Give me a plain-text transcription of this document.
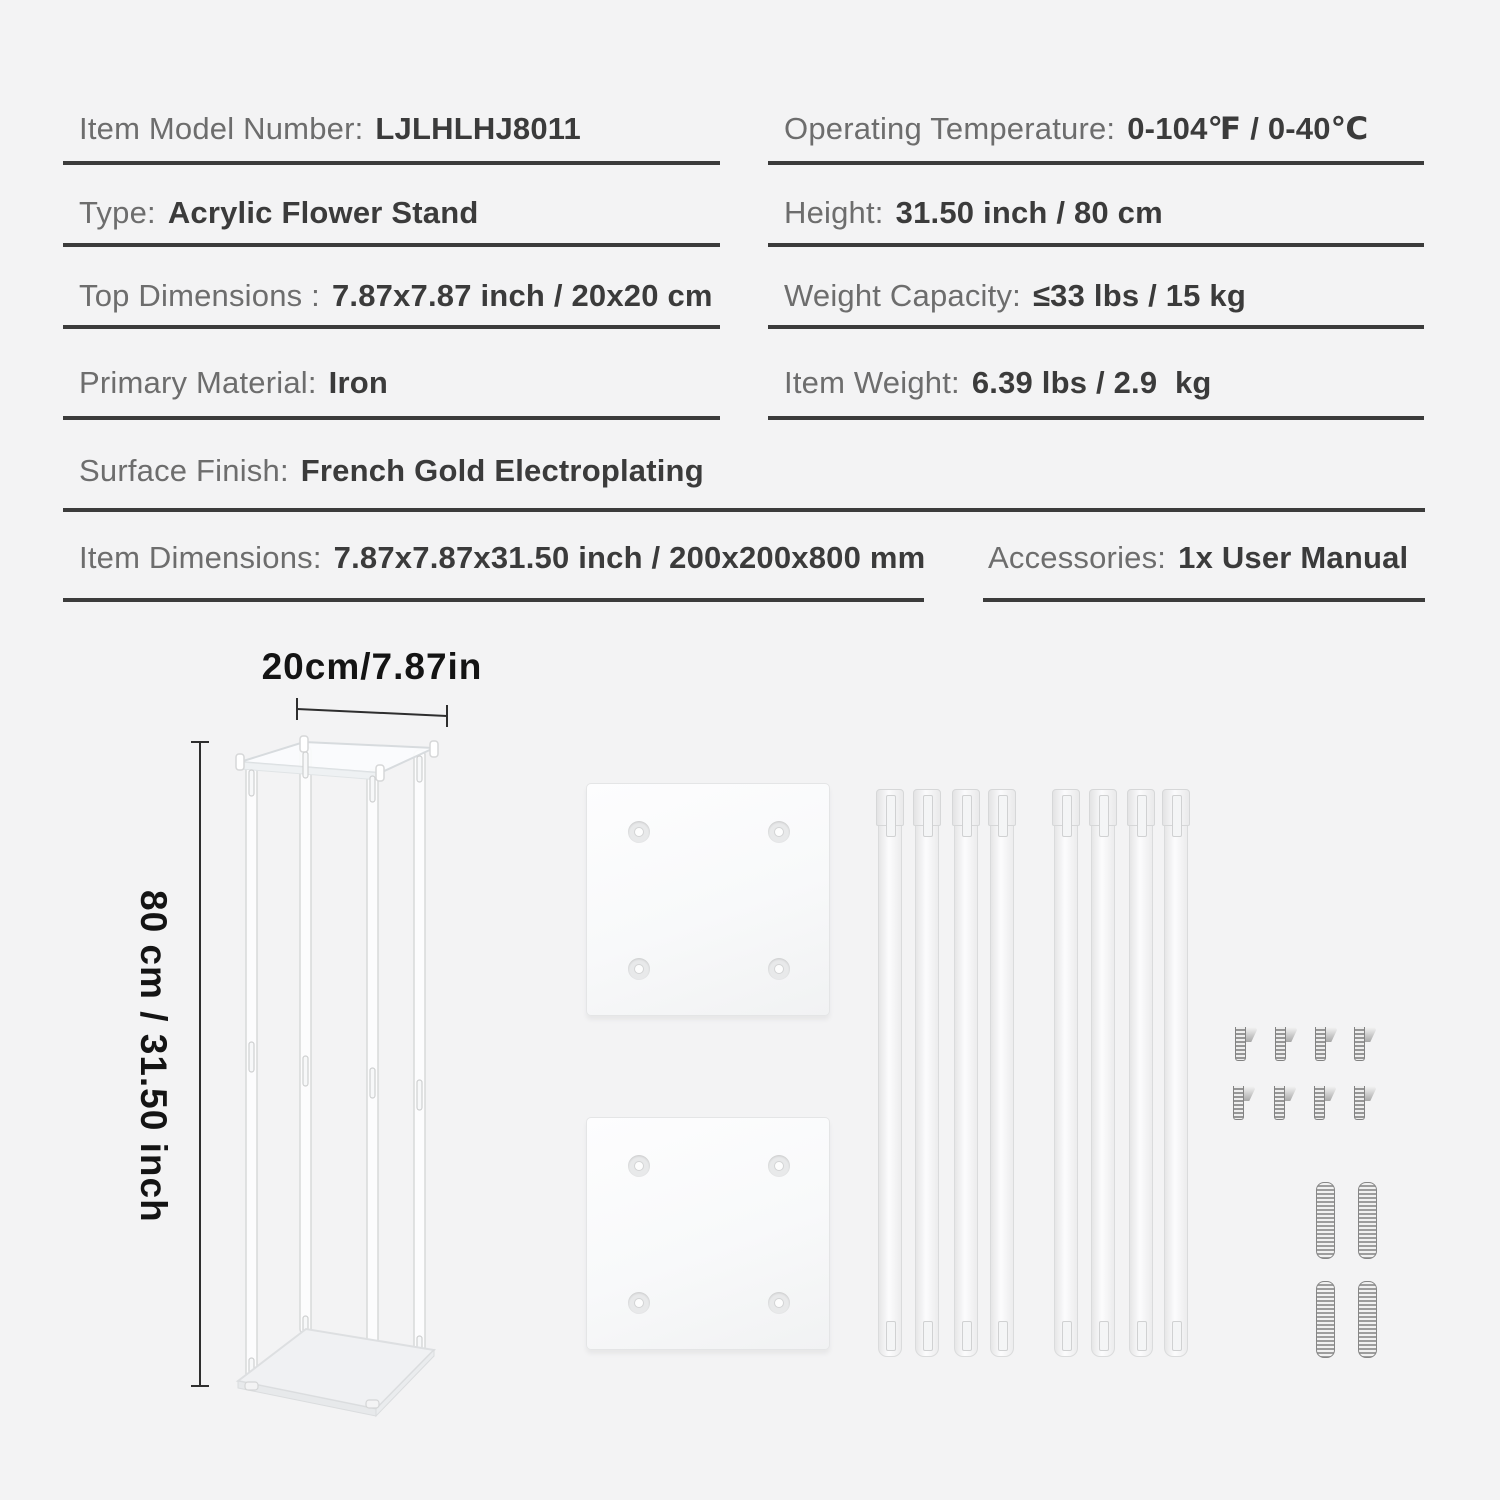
Item Model Number: LJLHLHJ8011	Operating Temperature: 0-104℉ / 0-40℃
Type: Acrylic Flower Stand	Height: 31.50 inch / 80 cm
Top Dimensions : 7.87x7.87 inch / 20x20 cm	Weight Capacity: ≤33 lbs / 15 kg
Primary Material: Iron	Item Weight: 6.39 lbs / 2.9  kg
Surface Finish: French Gold Electroplating
Item Dimensions: 7.87x7.87x31.50 inch / 200x200x800 mm Accessories: 1x User Manual
20cm/7.87in
80 cm / 31.50 inch
